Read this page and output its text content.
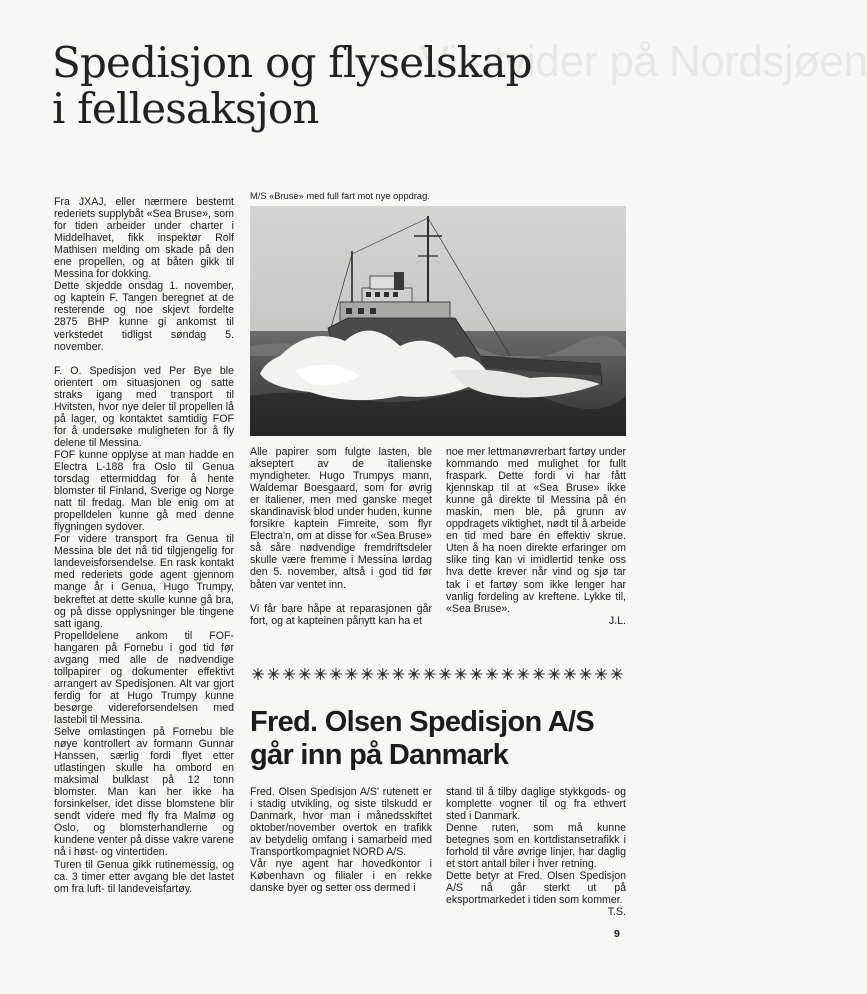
Vi utvider på Nordsjøen
Spedisjon og flyselskap
i fellesaksjon

Fra JXAJ, eller nærmere bestemt rederiets supplybåt «Sea Bruse», som for tiden arbeider under charter i Middelhavet, fikk inspektør Rolf Mathisen melding om skade på den ene propellen, og at båten gikk til Messina for dokking.

Dette skjedde onsdag 1. november, og kaptein F. Tangen beregnet at de resterende og noe skjevt fordelte 2875 BHP kunne gi ankomst til verkstedet tidligst søndag 5. november.

F. O. Spedisjon ved Per Bye ble orientert om situasjonen og satte straks igang med transport til Hvitsten, hvor nye deler til propellen lå på lager, og kontaktet samtidig FOF for å undersøke muligheten for å fly delene til Messina.

FOF kunne opplyse at man hadde en Electra L-188 fra Oslo til Genua torsdag ettermiddag for å hente blomster til Finland, Sverige og Norge natt til fredag. Man ble enig om at propelldelen kunne gå med denne flygningen sydover.

For videre transport fra Genua til Messina ble det nå tid tilgjengelig for landeveisforsendelse. En rask kontakt med rederiets gode agent gjennom mange år i Genua, Hugo Trumpy, bekreftet at dette skulle kunne gå bra, og på disse opplysninger ble tingene satt igang.

Propelldelene ankom til FOF-hangaren på Fornebu i god tid før avgang med alle de nødvendige tollpapirer og dokumenter effektivt arrangert av Spedisjonen. Alt var gjort ferdig for at Hugo Trumpy kunne besørge videreforsendelsen med lastebil til Messina.

Selve omlastingen på Fornebu ble nøye kontrollert av formann Gunnar Hanssen, særlig fordi flyet etter utlastingen skulle ha ombord en maksimal bulklast på 12 tonn blomster. Man kan her ikke ha forsinkelser, idet disse blomstene blir sendt videre med fly fra Malmø og Oslo, og blomsterhandlerne og kundene venter på disse vakre varene nå i høst- og vintertiden.

Turen til Genua gikk rutinemessig, og ca. 3 timer etter avgang ble det lastet om fra luft- til landeveisfartøy.

M/S «Bruse» med full fart mot nye oppdrag.

Alle papirer som fulgte lasten, ble akseptert av de italienske myndigheter. Hugo Trumpys mann, Waldemar Boesgaard, som for øvrig er italiener, men med ganske meget skandinavisk blod under huden, kunne forsikre kaptein Fimreite, som flyr Electra'n, om at disse for «Sea Bruse» så såre nødvendige fremdriftsdeler skulle være fremme i Messina lørdag den 5. november, altså i god tid før båten var ventet inn.

Vi får bare håpe at reparasjonen går fort, og at kapteinen pånytt kan ha et

noe mer lettmanøvrerbart fartøy under kommando med mulighet for fullt fraspark. Dette fordi vi har fått kjennskap til at «Sea Bruse» ikke kunne gå direkte til Messina på én maskin, men ble, på grunn av oppdragets viktighet, nødt til å arbeide en tid med bare én effektiv skrue. Uten å ha noen direkte erfaringer om slike ting kan vi imidlertid tenke oss hva dette krever når vind og sjø tar tak i et fartøy som ikke lenger har vanlig fordeling av kreftene. Lykke til, «Sea Bruse».

J.L.
Fred. Olsen Spedisjon A/S
går inn på Danmark

Fred. Olsen Spedisjon A/S' rutenett er i stadig utvikling, og siste tilskudd er Danmark, hvor man i månedsskiftet oktober/november overtok en trafikk av betydelig omfang i samarbeid med Transportkompagniet NORD A/S.

Vår nye agent har hovedkontor i København og filialer i en rekke danske byer og setter oss dermed i

stand til å tilby daglige stykkgods- og komplette vogner til og fra ethvert sted i Danmark.

Denne ruten, som må kunne betegnes som en kortdistansetrafikk i forhold til våre øvrige linjer, har daglig et stort antall biler i hver retning.

Dette betyr at Fred. Olsen Spedisjon A/S nå går sterkt ut på eksportmarkedet i tiden som kommer.

T.S.
9
